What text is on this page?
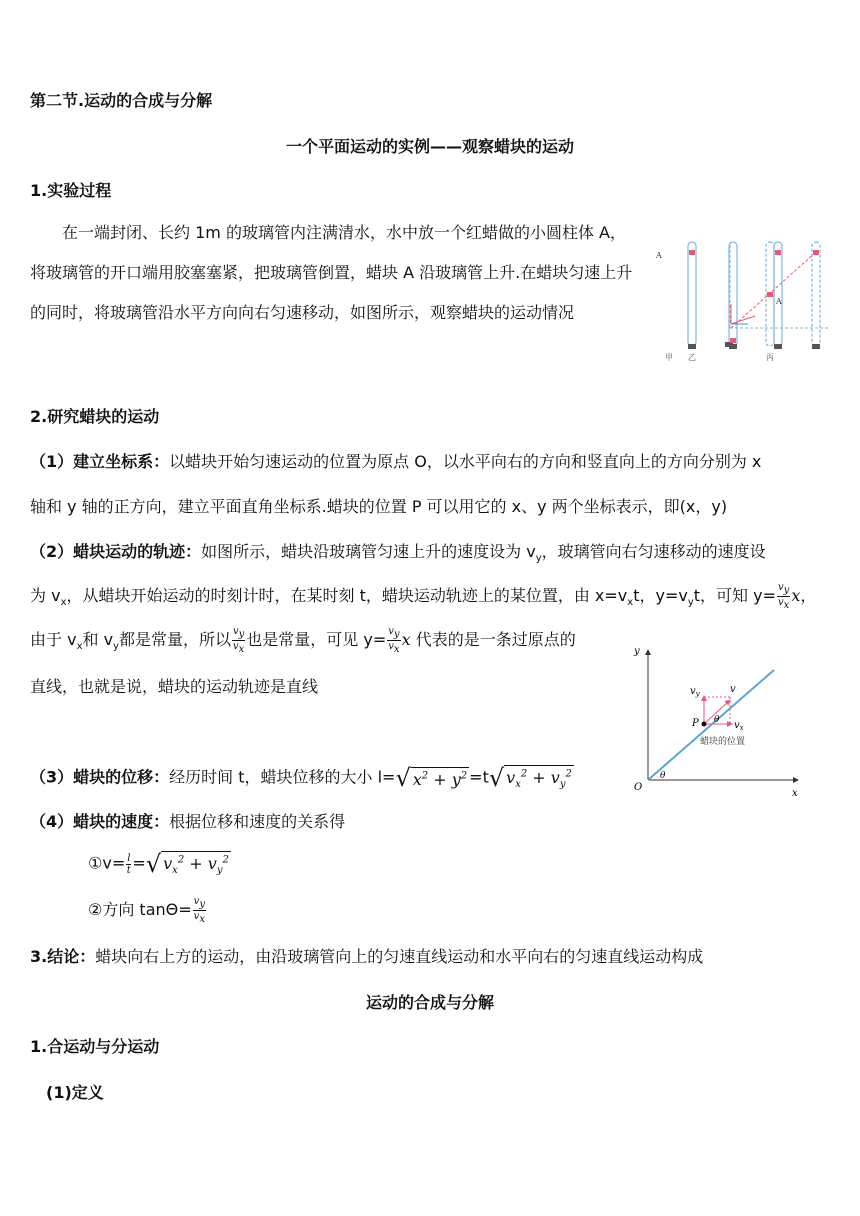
第二节.运动的合成与分解
一个平面运动的实例——观察蜡块的运动
1.实验过程
在一端封闭、长约 1m 的玻璃管内注满清水，水中放一个红蜡做的小圆柱体 A，将玻璃管的开口端用胶塞塞紧，把玻璃管倒置，蜡块 A 沿玻璃管上升.在蜡块匀速上升的同时，将玻璃管沿水平方向向右匀速移动，如图所示，观察蜡块的运动情况
A
A
甲 乙	丙
2.研究蜡块的运动
（1）建立坐标系：以蜡块开始匀速运动的位置为原点 O，以水平向右的方向和竖直向上的方向分别为 x
轴和 y 轴的正方向，建立平面直角坐标系.蜡块的位置 P 可以用它的 x、y 两个坐标表示，即(x，y)
（2）蜡块运动的轨迹：如图所示，蜡块沿玻璃管匀速上升的速度设为 $v_y$，玻璃管向右匀速移动的速度设
为 $v_x$，从蜡块开始运动的时刻计时，在某时刻 t，蜡块运动轨迹上的某位置，由 $x=v_xt$，$y=v_yt$，可知 $y= \frac{v_y}{v_x}$ x，
由于 $v_x$和 $v_y$都是常量，所以 $\frac{v_y}{v_x}$ 也是常量，可见 $y= \frac{v_y}{v_x}$ x 代表的是一条过原点的
直线，也就是说，蜡块的运动轨迹是直线
y
x
O
P
v
$v_y$
$v_x$
θ
θ
蜡块的位置
（3）蜡块的位移：经历时间 t，蜡块位移的大小 l=√ $x^2 + y^2 =t√$ $v_x^2 + v_y^2$
（4）蜡块的速度：根据位移和速度的关系得
①v= $\frac{l}{t}$ =√ $v_x^2 + v_y^2$
②方向 $\tan\Theta= \frac{v_y}{v_x}$
3.结论：蜡块向右上方的运动，由沿玻璃管向上的匀速直线运动和水平向右的匀速直线运动构成
运动的合成与分解
1.合运动与分运动
(1)定义
